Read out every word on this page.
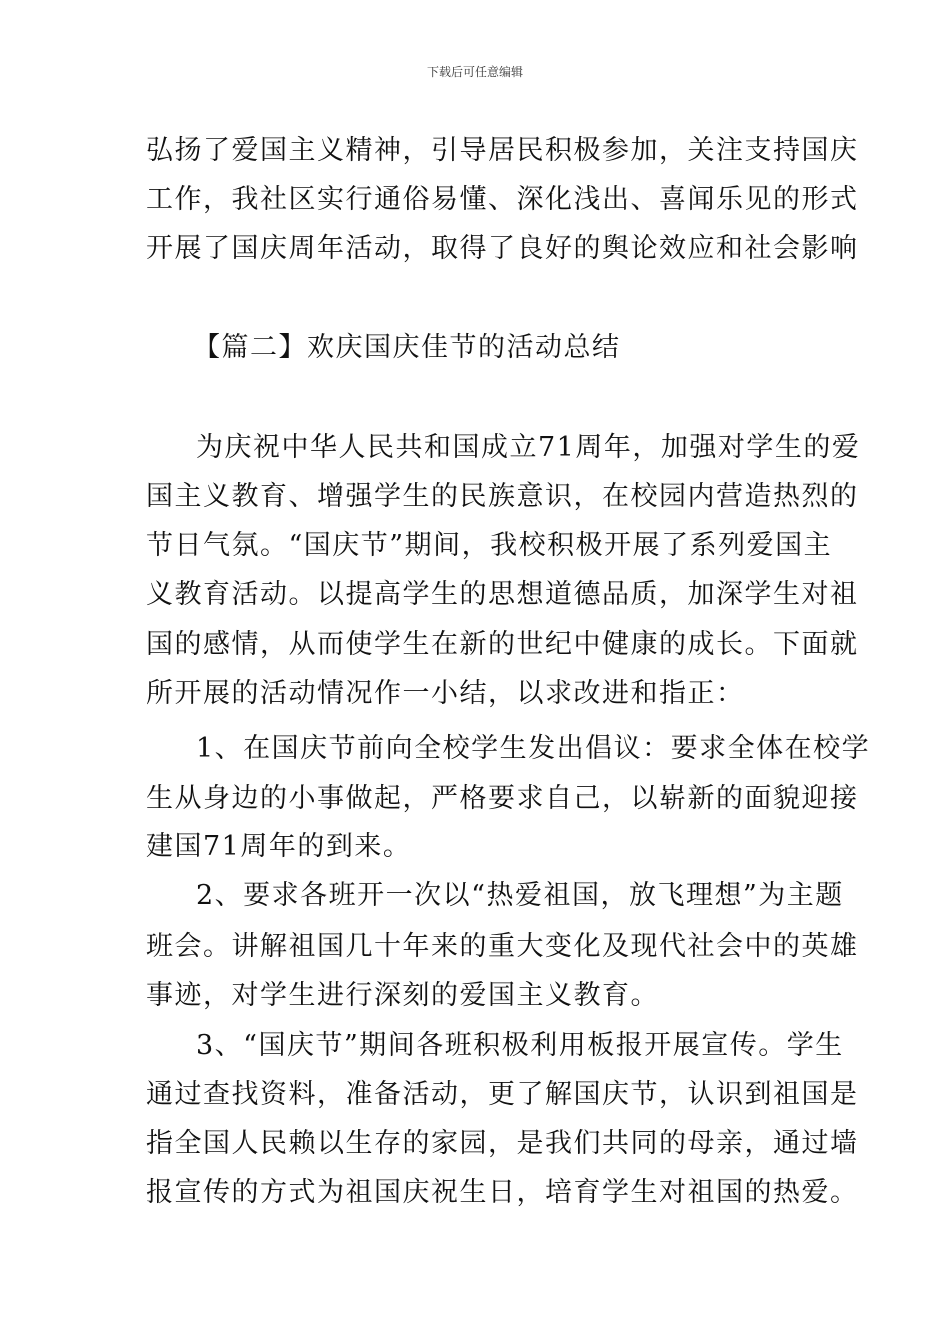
下载后可任意编辑
弘扬了爱国主义精神，引导居民积极参加，关注支持国庆
工作，我社区实行通俗易懂、深化浅出、喜闻乐见的形式
开展了国庆周年活动，取得了良好的舆论效应和社会影响
【篇二】欢庆国庆佳节的活动总结
为庆祝中华人民共和国成立71周年，加强对学生的爱
国主义教育、增强学生的民族意识，在校园内营造热烈的
节日气氛。“国庆节”期间，我校积极开展了系列爱国主
义教育活动。以提高学生的思想道德品质，加深学生对祖
国的感情，从而使学生在新的世纪中健康的成长。下面就
所开展的活动情况作一小结，以求改进和指正：
1、在国庆节前向全校学生发出倡议：要求全体在校学
生从身边的小事做起，严格要求自己，以崭新的面貌迎接
建国71周年的到来。
2、要求各班开一次以“热爱祖国，放飞理想”为主题
班会。讲解祖国几十年来的重大变化及现代社会中的英雄
事迹，对学生进行深刻的爱国主义教育。
3、“国庆节”期间各班积极利用板报开展宣传。学生
通过查找资料，准备活动，更了解国庆节，认识到祖国是
指全国人民赖以生存的家园，是我们共同的母亲，通过墙
报宣传的方式为祖国庆祝生日，培育学生对祖国的热爱。
